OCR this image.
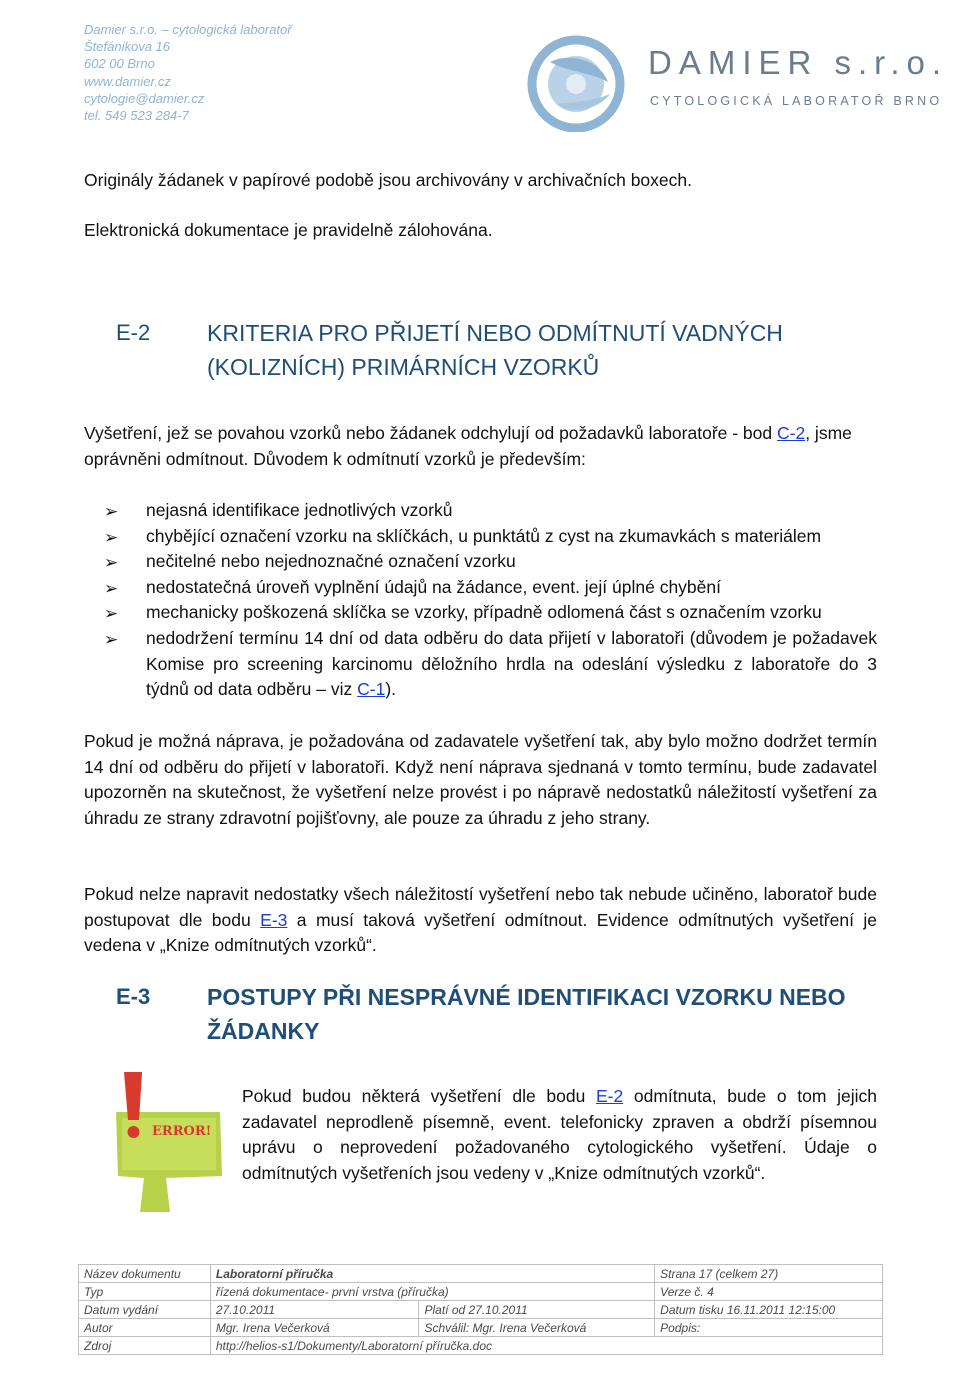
Damier s.r.o. – cytologická laboratoř
Štefánikova 16
602 00 Brno
www.damier.cz
cytologie@damier.cz
tel. 549 523 284-7
DAMIER s.r.o.
CYTOLOGICKÁ LABORATOŘ BRNO
Originály žádanek v papírové podobě jsou archivovány v archivačních boxech.
Elektronická dokumentace je pravidelně zálohována.
E-2 KRITERIA PRO PŘIJETÍ NEBO ODMÍTNUTÍ VADNÝCH
(KOLIZNÍCH) PRIMÁRNÍCH VZORKŮ
Vyšetření, jež se povahou vzorků nebo žádanek odchylují od požadavků laboratoře - bod C-2, jsme oprávněni odmítnout. Důvodem k odmítnutí vzorků je především:
➢ nejasná identifikace jednotlivých vzorků
➢ chybějící označení vzorku na sklíčkách, u punktátů z cyst na zkumavkách s materiálem
➢ nečitelné nebo nejednoznačné označení vzorku
➢ nedostatečná úroveň vyplnění údajů na žádance, event. její úplné chybění
➢ mechanicky poškozená sklíčka se vzorky, případně odlomená část s označením vzorku
➢ nedodržení termínu 14 dní od data odběru do data přijetí v laboratoři (důvodem je požadavek Komise pro screening karcinomu děložního hrdla na odeslání výsledku z laboratoře do 3 týdnů od data odběru – viz C-1).
Pokud je možná náprava, je požadována od zadavatele vyšetření tak, aby bylo možno dodržet termín 14 dní od odběru do přijetí v laboratoři. Když není náprava sjednaná v tomto termínu, bude zadavatel upozorněn na skutečnost, že vyšetření nelze provést i po nápravě nedostatků náležitostí vyšetření za úhradu ze strany zdravotní pojišťovny, ale pouze za úhradu z jeho strany.
Pokud nelze napravit nedostatky všech náležitostí vyšetření nebo tak nebude učiněno, laboratoř bude postupovat dle bodu E-3 a musí taková vyšetření odmítnout. Evidence odmítnutých vyšetření je vedena v „Knize odmítnutých vzorků“.
E-3 POSTUPY PŘI NESPRÁVNÉ IDENTIFIKACI VZORKU NEBO
ŽÁDANKY
ERROR!
Pokud budou některá vyšetření dle bodu E-2 odmítnuta, bude o tom jejich zadavatel neprodleně písemně, event. telefonicky zpraven a obdrží písemnou uprávu o neprovedení požadovaného cytologického vyšetření. Údaje o odmítnutých vyšetřeních jsou vedeny v „Knize odmítnutých vzorků“.
Název dokumentu	Laboratorní příručka		Strana 17 (celkem 27)
Typ	řízená dokumentace- první vrstva (příručka)		Verze č. 4
Datum vydání	27.10.2011	Platí od 27.10.2011	Datum tisku 16.11.2011 12:15:00
Autor	Mgr. Irena Večerková	Schválil: Mgr. Irena Večerková	Podpis:
Zdroj	http://helios-s1/Dokumenty/Laboratorní příručka.doc		
